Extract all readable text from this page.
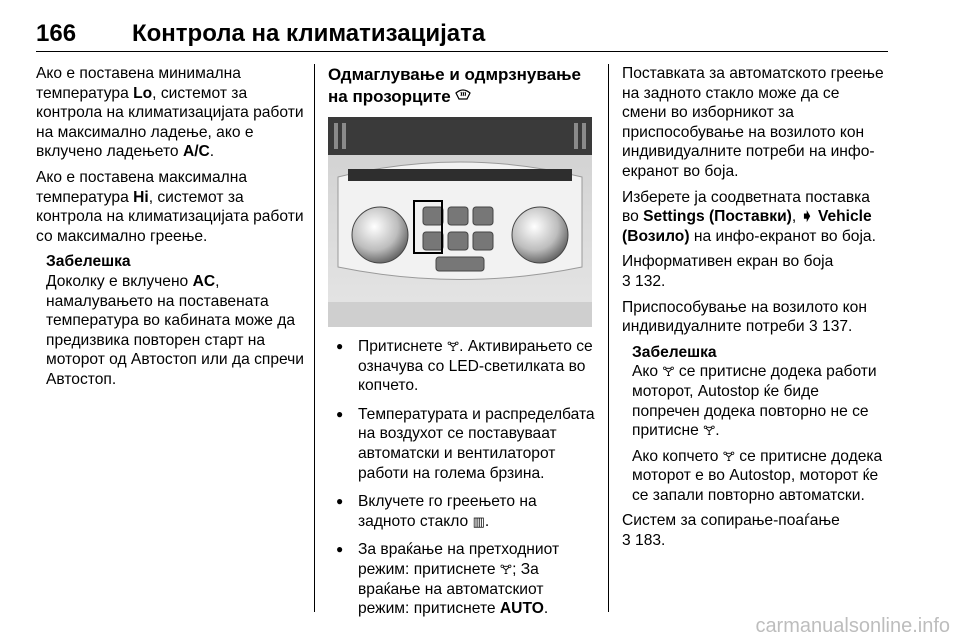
166 Контрола на климатизацијата

Ако е поставена минимална температура Lo, системот за контрола на климатизацијата работи на максимално ладење, ако е вклучено ладењето A/C.

Ако е поставена максимална температура Hi, системот за контрола на климатизацијата работи со максимално греење.

Забелешка

Доколку е вклучено AC, намалувањето на поставената температура во кабината може да предизвика повторен старт на моторот од Автостоп или да спречи Автостоп.

Одмаглување и одмрзнување на прозорците
● Притиснете 🝖. Активирањето се означува со LED-светилката во копчето.
● Температурата и распределбата на воздухот се поставуваат автоматски и вентилаторот работи на голема брзина.
● Вклучете го греењето на задното стакло ▥.
● За враќање на претходниот режим: притиснете 🝖; За враќање на автоматскиот режим: притиснете AUTO.

Поставката за автоматското греење на задното стакло може да се смени во изборникот за приспособување на возилото кон индивидуалните потреби на инфо-екранот во боја.

Изберете ја соодветната поставка во Settings (Поставки), ➧ Vehicle (Возило) на инфо-екранот во боја.

Информативен екран во боја
3 132.

Приспособување на возилото кон индивидуалните потреби 3 137.

Забелешка

Ако 🝖 се притисне додека работи моторот, Autostop ќе биде попречен додека повторно не се притисне 🝖.

Ако копчето 🝖 се притисне додека моторот е во Autostop, моторот ќе се запали повторно автоматски.

Систем за сопирање-поаѓање
3 183.

carmanualsonline.info
